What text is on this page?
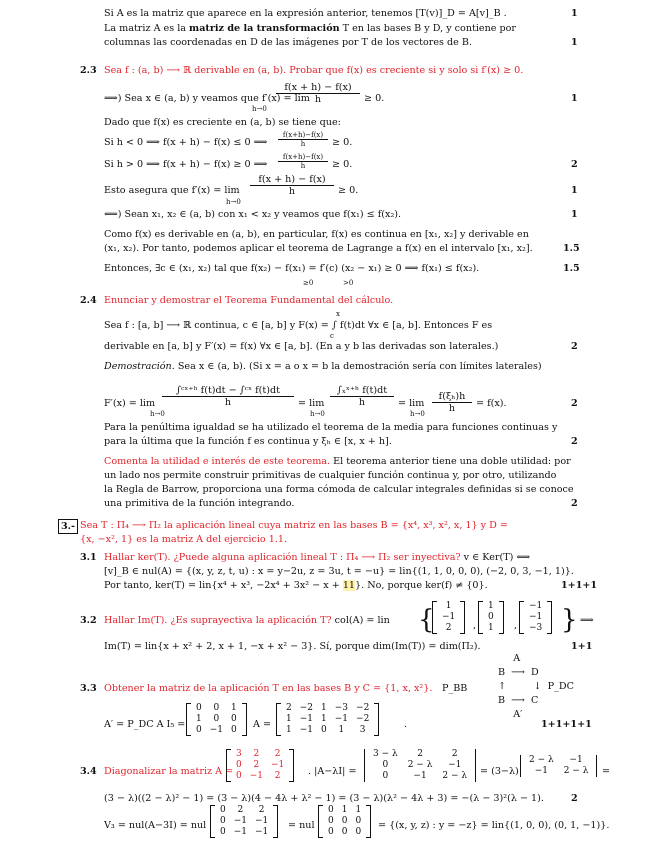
Si A es la matriz que aparece en la expresión anterior, tenemos [T(v)]_D = A[v]_B .	1
La matriz A es la matriz de la transformación T en las bases B y D, y contiene por
columnas las coordenadas en D de las imágenes por T de los vectores de B.	1
2.3 Sea f : (a, b) ⟶ ℝ derivable en (a, b). Probar que f(x) es creciente si y solo si f′(x) ≥ 0.
⟹) Sea x ∈ (a, b) y veamos que f′(x) = lim
h→0
$\frac{f(x + h) - f(x)}{h} \ge 0$.	1
Dado que f(x) es creciente en (a, b) se tiene que:
Si h < 0 ⟹ f(x + h) − f(x) ≤ 0 ⟹ $\frac{f(x+h)-f(x)}{h} \ge 0$.
Si h > 0 ⟹ f(x + h) − f(x) ≥ 0 ⟹ $\frac{f(x+h)-f(x)}{h} \ge 0$.	2
Esto asegura que f′(x) = lim
h→0
$\frac{f(x + h) - f(x)}{h} \ge 0$.	1
⟸) Sean x₁, x₂ ∈ (a, b) con x₁ < x₂ y veamos que f(x₁) ≤ f(x₂).	1
Como f(x) es derivable en (a, b), en particular, f(x) es continua en [x₁, x₂] y derivable en
(x₁, x₂). Por tanto, podemos aplicar el teorema de Lagrange a f(x) en el intervalo [x₁, x₂].	1.5
Entonces, ∃c ∈ (x₁, x₂) tal que f(x₂) − f(x₁) = f′(c) (x₂ − x₁) ≥ 0 ⟹ f(x₁) ≤ f(x₂).
≥0	>0
1.5
2.4 Enunciar y demostrar el Teorema Fundamental del cálculo.
Sea f : [a, b] ⟶ ℝ continua, c ∈ [a, b] y F(x) = ∫ f(t)dt ∀x ∈ [a, b]. Entonces F es
x
c
derivable en [a, b] y F′(x) = f(x) ∀x ∈ [a, b]. (En a y b las derivadas son laterales.)	2
Demostración. Sea x ∈ (a, b). (Si x = a o x = b la demostración sería con límites laterales)
F′(x) = lim
h→0
$\frac{\text{∫ᶜˣ⁺ʰ f(t)dt − ∫ᶜˣ f(t)dt}}{h} = \lim$
h→0
$\frac{\text{∫ₓˣ⁺ʰ f(t)dt}}{h} = \lim$
$h\to 0 \frac{\text{f(ξₕ)h}}{h} = f(x)$.	2
Para la penúltima igualdad se ha utilizado el teorema de la media para funciones continuas y
para la última que la función f es continua y ξₕ ∈ [x, x + h].	2
Comenta la utilidad e interés de este teorema. El teorema anterior tiene una doble utilidad: por
un lado nos permite construir primitivas de cualquier función continua y, por otro, utilizando
la Regla de Barrow, proporciona una forma cómoda de calcular integrales definidas si se conoce
una primitiva de la función integrando.	2
3.- Sea T : Π₄ ⟶ Π₂ la aplicación lineal cuya matriz en las bases B = {x⁴, x³, x², x, 1} y D =
{x, −x², 1} es la matriz A del ejercicio 1.1.
3.1 Hallar ker(T). ¿Puede alguna aplicación lineal T : Π₄ ⟶ Π₂ ser inyectiva? v ∈ Ker(T) ⟺
[v]_B ∈ nul(A) = {(x, y, z, t, u) : x = y−2u, z = 3u, t = −u} = lin{(1, 1, 0, 0, 0), (−2, 0, 3, −1, 1)}.
Por tanto, ker(T) = lin{x⁴ + x³, −2x⁴ + 3x² − x + 11}. No, porque ker(f) ≠ {0}.	1+1+1
3.2 Hallar Im(T). ¿Es suprayectiva la aplicación T? col(A) = lin { 1
−1
2 ,
1
0
1 ,
−1
−1
−3 } ⟹
Im(T) = lin{x + x² + 2, x + 1, −x + x² − 3}. Sí, porque dim(Im(T)) = dim(Π₂).	1+1
3.3 Obtener la matriz de la aplicación T en las bases B y C = {1, x, x²}. P_BB
A
B  ⟶  D
↑         ↓  P_DC
B  ⟶  C
A′
A′ = P_DC A I₅ =
0	0	1
1	0	0
0	−1	0 A =
2	−2	1	−3	−2
1	−1	1	−1	−2
1	−1	0	1	3	.	1+1+1+1
3.4 Diagonalizar la matriz A =
3	2	2
0	2	−1
0	−1	2	. |A−λI| =
3 − λ	2	2
0	2 − λ	−1
0	−1	2 − λ = (3−λ)
2 − λ	−1
−1	2 − λ =
(3 − λ)((2 − λ)² − 1) = (3 − λ)(4 − 4λ + λ² − 1) = (3 − λ)(λ² − 4λ + 3) = −(λ − 3)²(λ − 1).	2
V₃ = nul(A−3I) = nul
0	2	2
0	−1	−1
0	−1	−1
= nul
0	1	1
0	0	0
0	0	0
= {(x, y, z) : y = −z} = lin{(1, 0, 0), (0, 1, −1)}.
